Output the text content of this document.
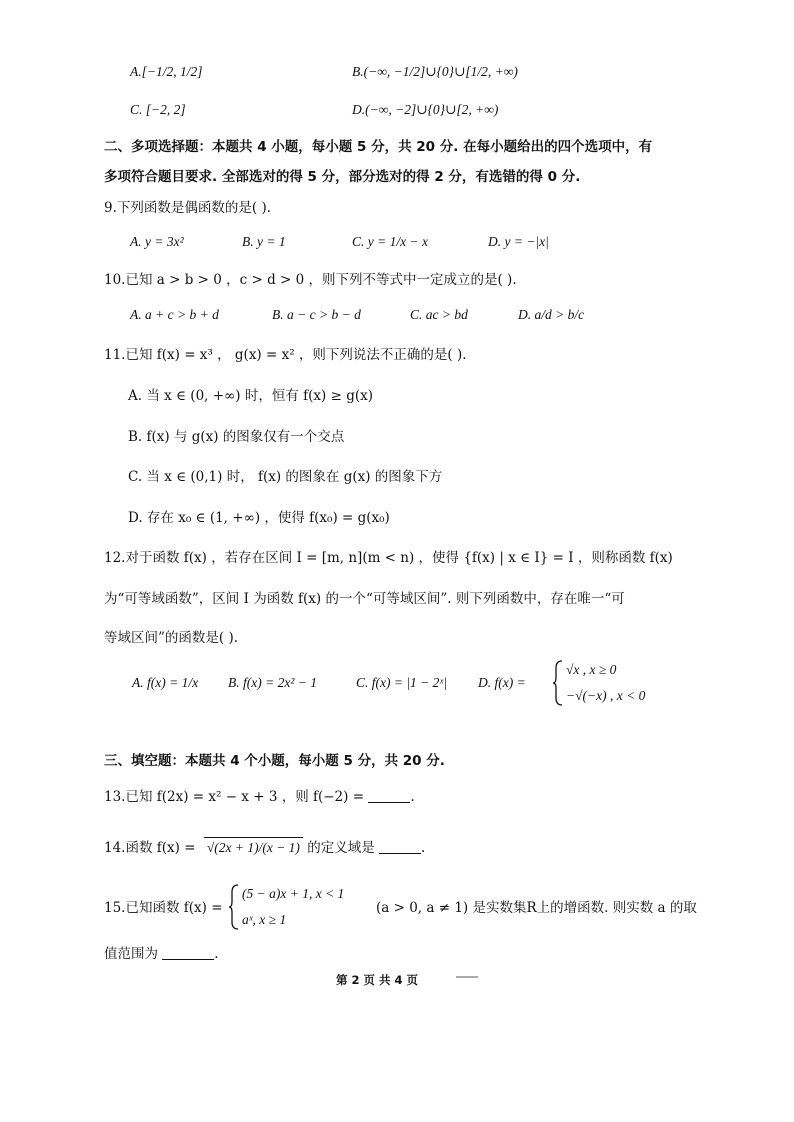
A.[−1/2, 1/2]	B.(−∞, −1/2]∪{0}∪[1/2, +∞)
C. [−2, 2]	D.(−∞, −2]∪{0}∪[2, +∞)
二、多项选择题：本题共 4 小题，每小题 5 分，共 20 分. 在每小题给出的四个选项中，有
多项符合题目要求. 全部选对的得 5 分，部分选对的得 2 分，有选错的得 0 分.
9.下列函数是偶函数的是( ).
A. y = 3x²	B. y = 1	C. y = 1/x − x	D. y = −|x|
10.已知 a > b > 0 ，c > d > 0 ，则下列不等式中一定成立的是( ).
A. a + c > b + d	B. a − c > b − d	C. ac > bd	D. a/d > b/c
11.已知 f(x) = x³ ， g(x) = x² ，则下列说法不正确的是( ).
A. 当 x ∈ (0, +∞) 时，恒有 f(x) ≥ g(x)
B. f(x) 与 g(x) 的图象仅有一个交点
C. 当 x ∈ (0,1) 时， f(x) 的图象在 g(x) 的图象下方
D. 存在 x₀ ∈ (1, +∞) ，使得 f(x₀) = g(x₀)
12.对于函数 f(x) ，若存在区间 I = [m, n](m < n) ，使得 {f(x) | x ∈ I} = I ，则称函数 f(x)
为“可等域函数”，区间 I 为函数 f(x) 的一个“可等域区间”. 则下列函数中，存在唯一“可
等域区间”的函数是( ).
A. f(x) = 1/x B. f(x) = 2x² − 1	C. f(x) = |1 − 2ˣ| D. f(x) =
√x , x ≥ 0
−√(−x) , x < 0
三、填空题：本题共 4 个小题，每小题 5 分，共 20 分.
13.已知 f(2x) = x² − x + 3 ，则 f(−2) =	.
14.函数 f(x) = √(2x + 1)/(x − 1) 的定义域是	.
15.已知函数 f(x) =
(5 − a)x + 1, x < 1
aˣ, x ≥ 1
(a > 0, a ≠ 1) 是实数集R上的增函数. 则实数 a 的取
值范围为	.
第 2 页 共 4 页
